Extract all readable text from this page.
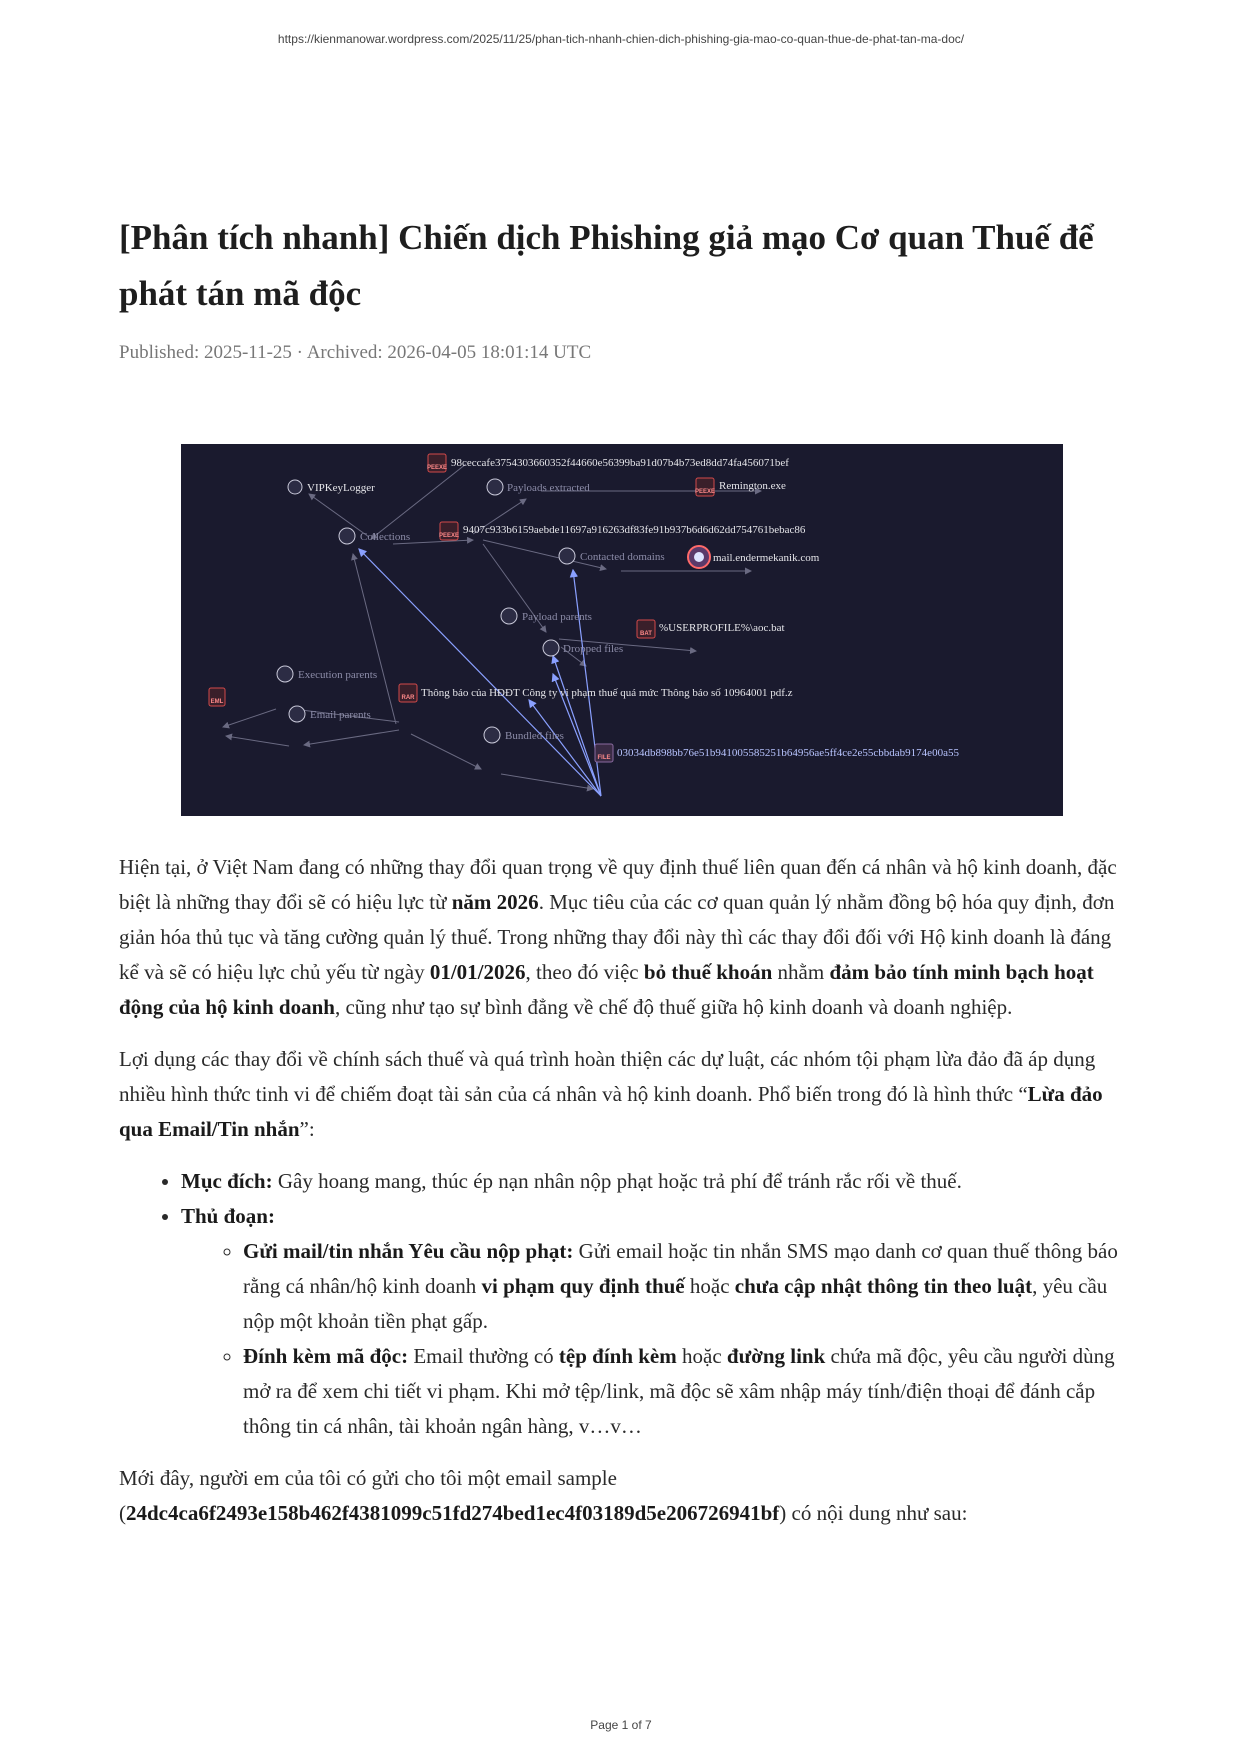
https://kienmanowar.wordpress.com/2025/11/25/phan-tich-nhanh-chien-dich-phishing-gia-mao-co-quan-thue-de-phat-tan-ma-doc/
[Phân tích nhanh] Chiến dịch Phishing giả mạo Cơ quan Thuế để phát tán mã độc
Published: 2025-11-25 · Archived: 2026-04-05 18:01:14 UTC
PEEXE 98ceccafe3754303660352f44660e56399ba91d07b4b73ed8dd74fa456071bef
PEEXE Remington.exe
PEEXE 9407c933b6159aebde11697a916263df83fe91b937b6d6d62dd754761bebac86
BAT %USERPROFILE%\aoc.bat
RAR Thông báo của HĐĐT Công ty vi phạm thuế quá mức Thông báo số 10964001 pdf.z
EML
FILE 03034db898bb76e51b941005585251b64956ae5ff4ce2e55cbbdab9174e00a55
VIPKeyLogger	Payloads extracted
Collections
Contacted domains	mail.endermekanik.com
Payload parents
Dropped files
Execution parents
Email parents
Bundled files

Hiện tại, ở Việt Nam đang có những thay đổi quan trọng về quy định thuế liên quan đến cá nhân và hộ kinh doanh, đặc biệt là những thay đổi sẽ có hiệu lực từ năm 2026. Mục tiêu của các cơ quan quản lý nhằm đồng bộ hóa quy định, đơn giản hóa thủ tục và tăng cường quản lý thuế. Trong những thay đổi này thì các thay đổi đối với Hộ kinh doanh là đáng kể và sẽ có hiệu lực chủ yếu từ ngày 01/01/2026, theo đó việc bỏ thuế khoán nhằm đảm bảo tính minh bạch hoạt động của hộ kinh doanh, cũng như tạo sự bình đẳng về chế độ thuế giữa hộ kinh doanh và doanh nghiệp.

Lợi dụng các thay đổi về chính sách thuế và quá trình hoàn thiện các dự luật, các nhóm tội phạm lừa đảo đã áp dụng nhiều hình thức tinh vi để chiếm đoạt tài sản của cá nhân và hộ kinh doanh. Phổ biến trong đó là hình thức “Lừa đảo qua Email/Tin nhắn”:

• Mục đích: Gây hoang mang, thúc ép nạn nhân nộp phạt hoặc trả phí để tránh rắc rối về thuế.
• Thủ đoạn:
◦ Gửi mail/tin nhắn Yêu cầu nộp phạt: Gửi email hoặc tin nhắn SMS mạo danh cơ quan thuế thông báo rằng cá nhân/hộ kinh doanh vi phạm quy định thuế hoặc chưa cập nhật thông tin theo luật, yêu cầu nộp một khoản tiền phạt gấp.
◦ Đính kèm mã độc: Email thường có tệp đính kèm hoặc đường link chứa mã độc, yêu cầu người dùng mở ra để xem chi tiết vi phạm. Khi mở tệp/link, mã độc sẽ xâm nhập máy tính/điện thoại để đánh cắp thông tin cá nhân, tài khoản ngân hàng, v…v…

Mới đây, người em của tôi có gửi cho tôi một email sample (24dc4ca6f2493e158b462f4381099c51fd274bed1ec4f03189d5e206726941bf) có nội dung như sau:

Page 1 of 7
